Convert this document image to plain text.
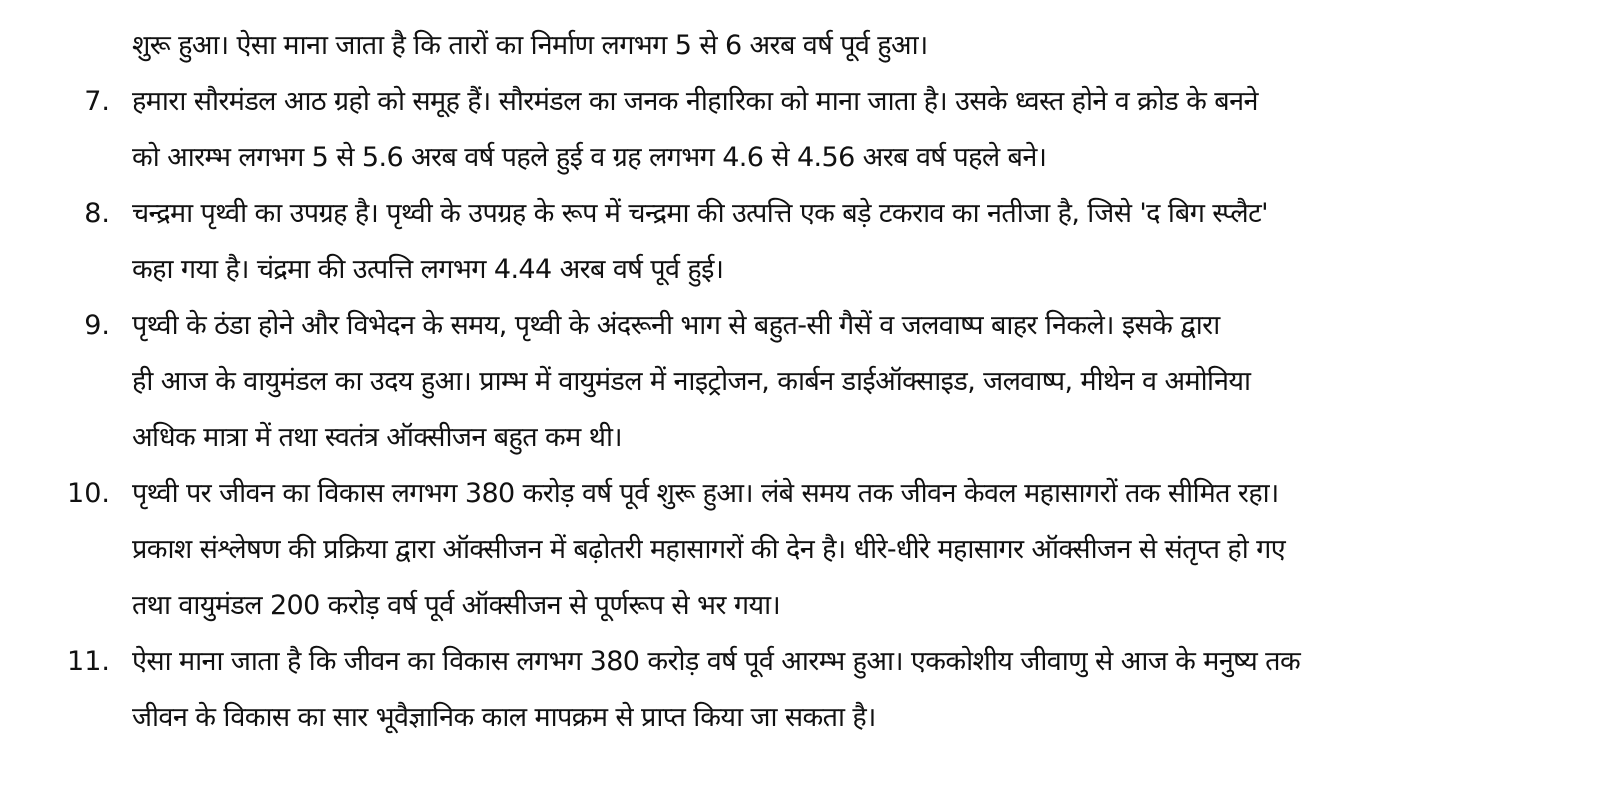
शुरू हुआ। ऐसा माना जाता है कि तारों का निर्माण लगभग 5 से 6 अरब वर्ष पूर्व हुआ।
7. हमारा सौरमंडल आठ ग्रहो को समूह हैं। सौरमंडल का जनक नीहारिका को माना जाता है। उसके ध्वस्त होने व क्रोड के बनने
को आरम्भ लगभग 5 से 5.6 अरब वर्ष पहले हुई व ग्रह लगभग 4.6 से 4.56 अरब वर्ष पहले बने।
8. चन्द्रमा पृथ्वी का उपग्रह है। पृथ्वी के उपग्रह के रूप में चन्द्रमा की उत्पत्ति एक बड़े टकराव का नतीजा है, जिसे 'द बिग स्प्लैट'
कहा गया है। चंद्रमा की उत्पत्ति लगभग 4.44 अरब वर्ष पूर्व हुई।
9. पृथ्वी के ठंडा होने और विभेदन के समय, पृथ्वी के अंदरूनी भाग से बहुत-सी गैसें व जलवाष्प बाहर निकले। इसके द्वारा
ही आज के वायुमंडल का उदय हुआ। प्राम्भ में वायुमंडल में नाइट्रोजन, कार्बन डाईऑक्साइड, जलवाष्प, मीथेन व अमोनिया
अधिक मात्रा में तथा स्वतंत्र ऑक्सीजन बहुत कम थी।
10. पृथ्वी पर जीवन का विकास लगभग 380 करोड़ वर्ष पूर्व शुरू हुआ। लंबे समय तक जीवन केवल महासागरों तक सीमित रहा।
प्रकाश संश्लेषण की प्रक्रिया द्वारा ऑक्सीजन में बढ़ोतरी महासागरों की देन है। धीरे-धीरे महासागर ऑक्सीजन से संतृप्त हो गए
तथा वायुमंडल 200 करोड़ वर्ष पूर्व ऑक्सीजन से पूर्णरूप से भर गया।
11. ऐसा माना जाता है कि जीवन का विकास लगभग 380 करोड़ वर्ष पूर्व आरम्भ हुआ। एककोशीय जीवाणु से आज के मनुष्य तक
जीवन के विकास का सार भूवैज्ञानिक काल मापक्रम से प्राप्त किया जा सकता है।
